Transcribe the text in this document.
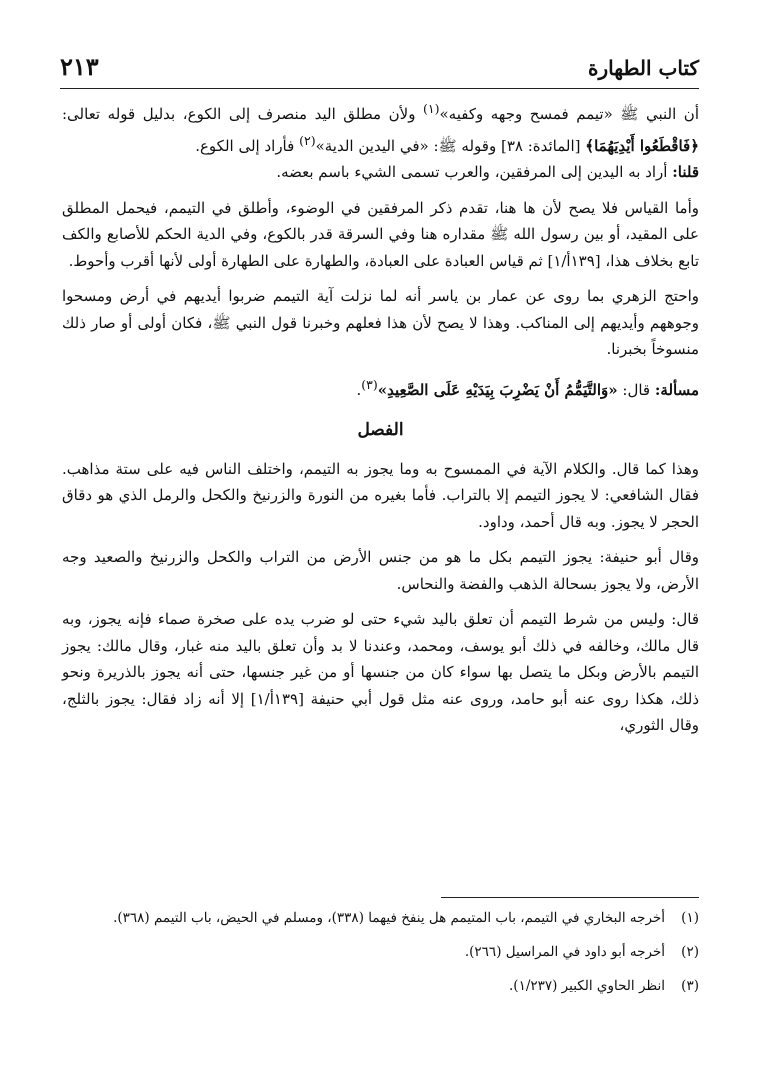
كتاب الطهارة
٢١٣

أن النبي ﷺ «تيمم فمسح وجهه وكفيه»$^{(١)}$ ولأن مطلق اليد منصرف إلى الكوع، بدليل قوله تعالى: ﴿فَاقْطَعُوا أَيْدِيَهُمَا﴾ [المائدة: ٣٨] وقوله ﷺ: «في اليدين الدية»$^{(٢)}$ فأراد إلى الكوع.
قلنا: أراد به اليدين إلى المرفقين، والعرب تسمى الشيء باسم بعضه.

وأما القياس فلا يصح لأن ها هنا، تقدم ذكر المرفقين في الوضوء، وأطلق في التيمم، فيحمل المطلق على المقيد، أو بين رسول الله ﷺ مقداره هنا وفي السرقة قدر بالكوع، وفي الدية الحكم للأصابع والكف تابع بخلاف هذا، [١٣٩أ/١] ثم قياس العبادة على العبادة، والطهارة على الطهارة أولى لأنها أقرب وأحوط.

واحتج الزهري بما روى عن عمار بن ياسر أنه لما نزلت آية التيمم ضربوا أيديهم في أرض ومسحوا وجوههم وأيديهم إلى المناكب. وهذا لا يصح لأن هذا فعلهم وخبرنا قول النبي ﷺ، فكان أولى أو صار ذلك منسوخاً بخبرنا.

مسألة: قال: «وَالتَّيَمُّمُ أَنْ يَضْرِبَ بِيَدَيْهِ عَلَى الصَّعِيدِ»$^{(٣)}$.

الفصل

وهذا كما قال. والكلام الآية في الممسوح به وما يجوز به التيمم، واختلف الناس فيه على ستة مذاهب. فقال الشافعي: لا يجوز التيمم إلا بالتراب. فأما بغيره من النورة والزرنيخ والكحل والرمل الذي هو دقاق الحجر لا يجوز. وبه قال أحمد، وداود.

وقال أبو حنيفة: يجوز التيمم بكل ما هو من جنس الأرض من التراب والكحل والزرنيخ والصعيد وجه الأرض، ولا يجوز بسحالة الذهب والفضة والنحاس.

قال: وليس من شرط التيمم أن تعلق باليد شيء حتى لو ضرب يده على صخرة صماء فإنه يجوز، وبه قال مالك، وخالفه في ذلك أبو يوسف، ومحمد، وعندنا لا بد وأن تعلق باليد منه غبار، وقال مالك: يجوز التيمم بالأرض وبكل ما يتصل بها سواء كان من جنسها أو من غير جنسها، حتى أنه يجوز بالذريرة ونحو ذلك، هكذا روى عنه أبو حامد، وروى عنه مثل قول أبي حنيفة [١٣٩أ/١] إلا أنه زاد فقال: يجوز بالثلج، وقال الثوري،

(١)
أخرجه البخاري في التيمم، باب المتيمم هل ينفخ فيهما (٣٣٨)، ومسلم في الحيض، باب التيمم (٣٦٨).
(٢)
أخرجه أبو داود في المراسيل (٢٦٦).
(٣)
انظر الحاوي الكبير (١/٢٣٧).
